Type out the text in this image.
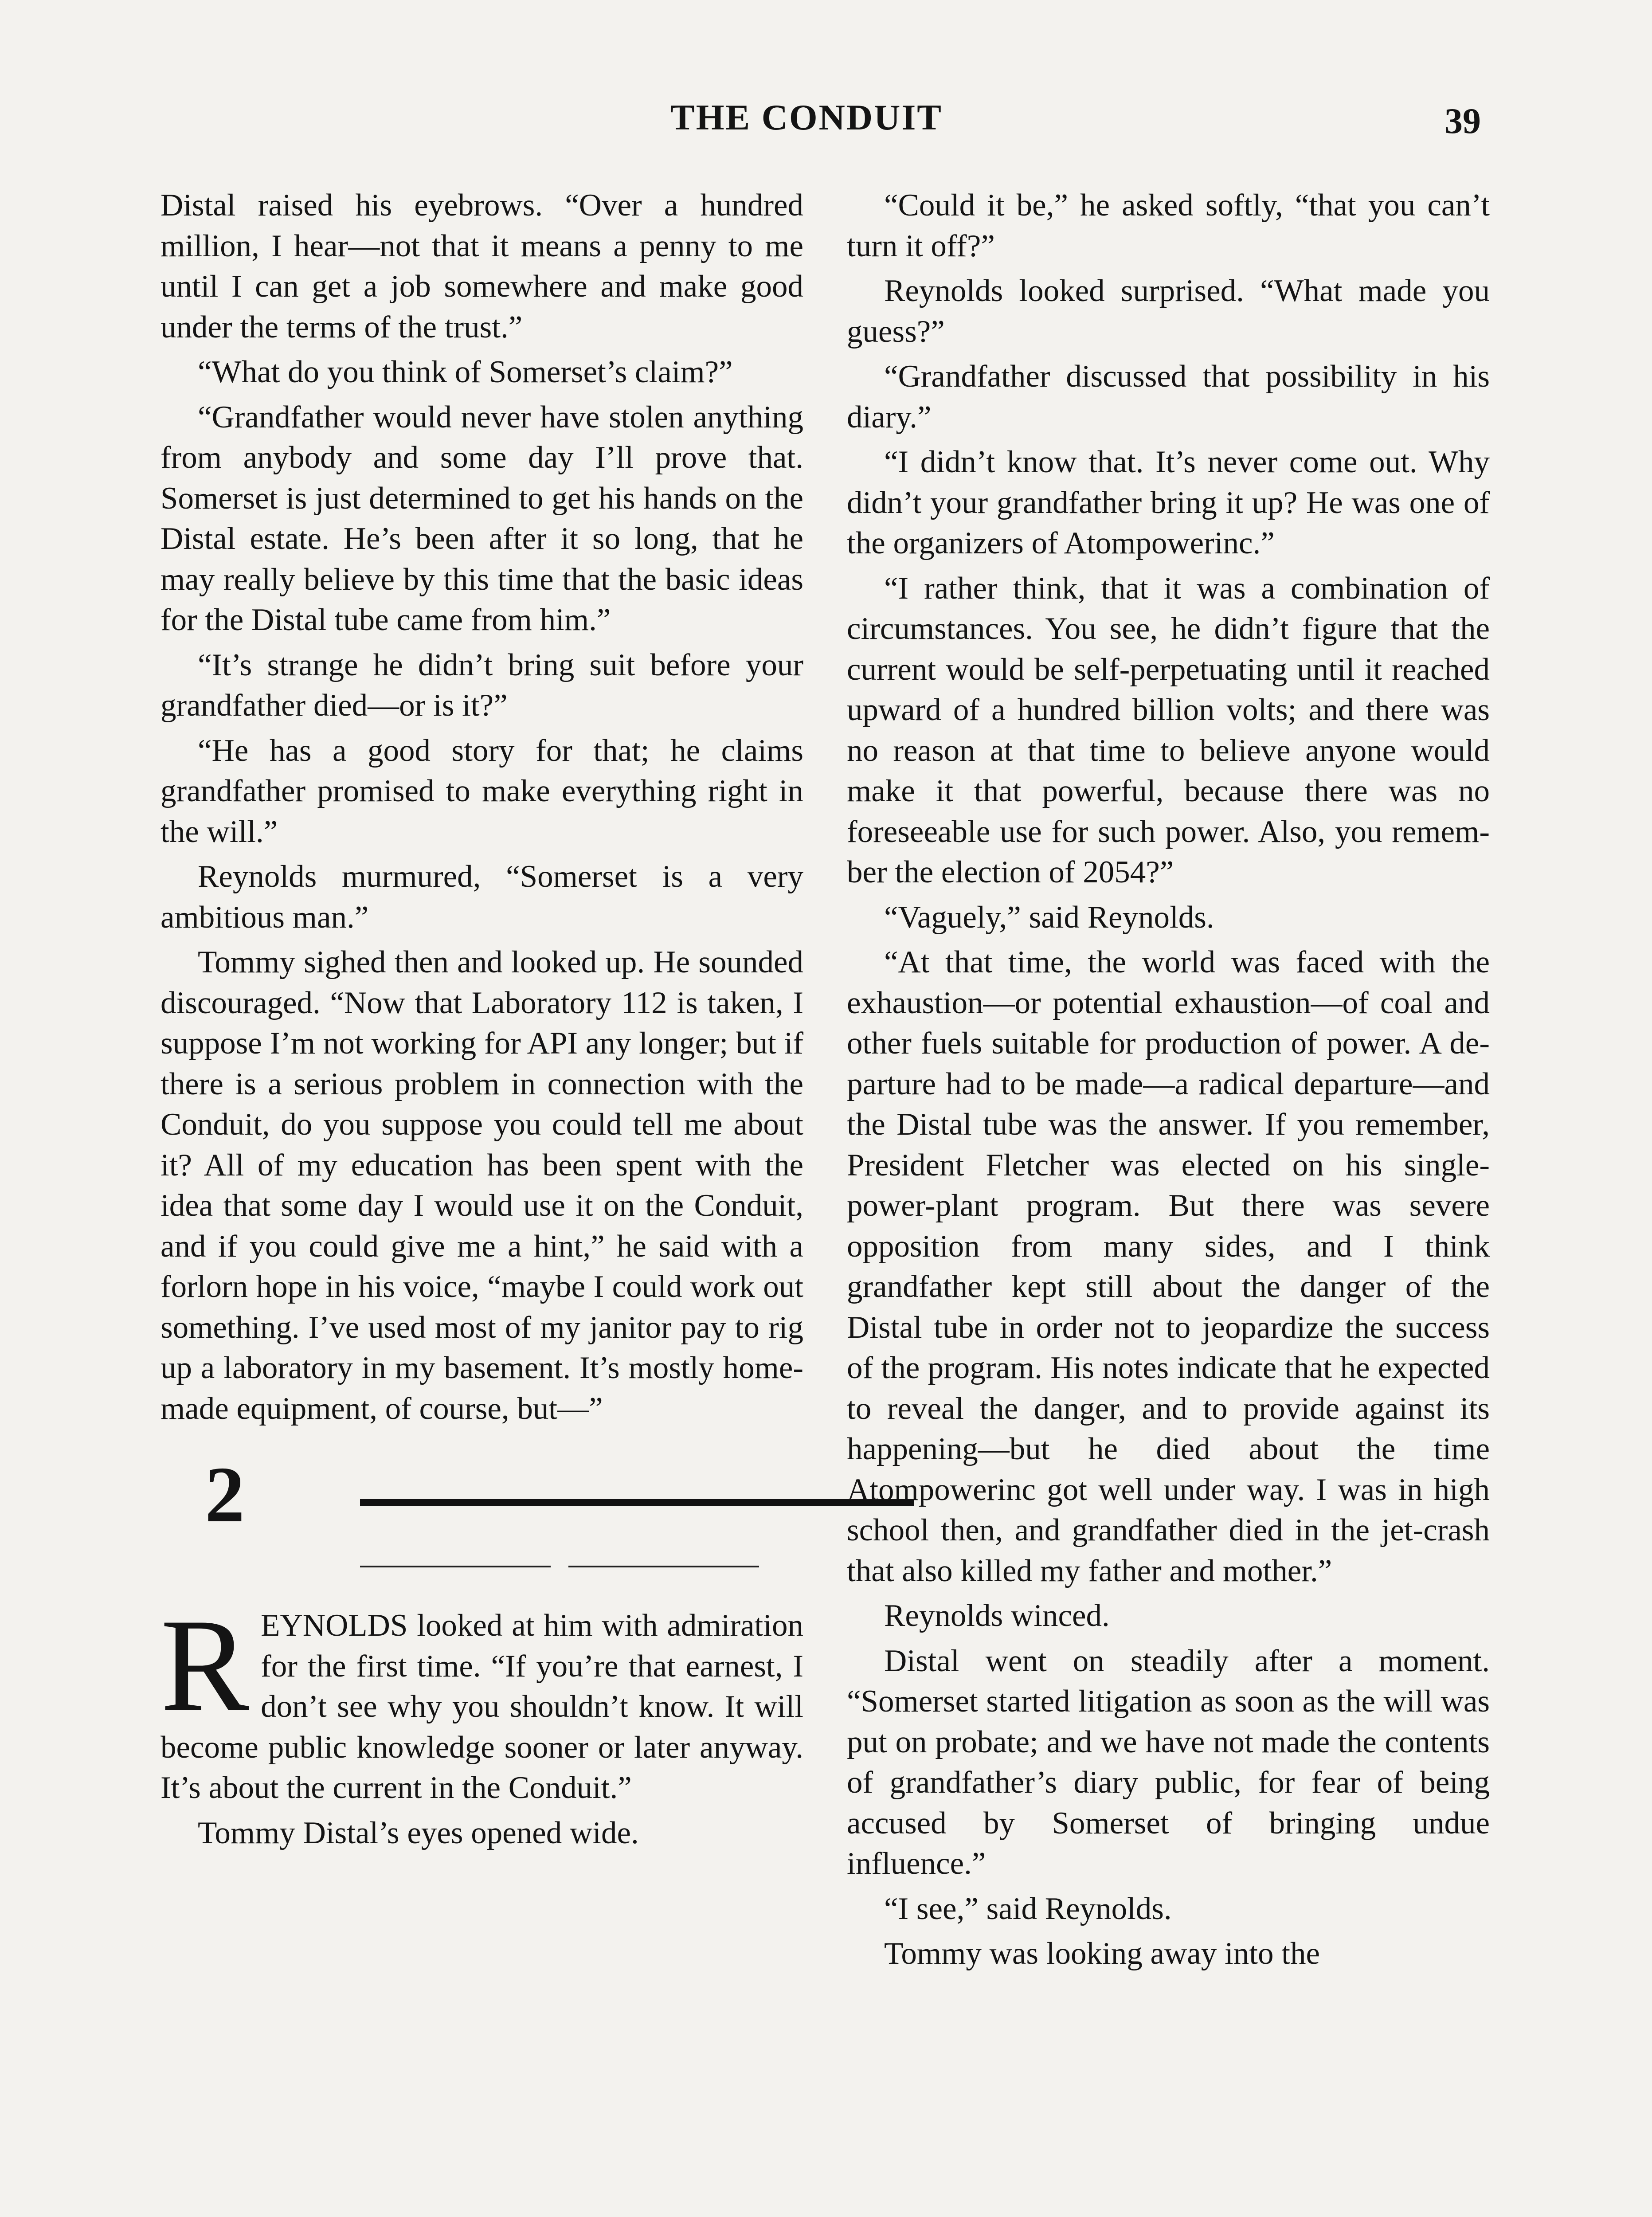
THE CONDUIT	39

Distal raised his eyebrows. “Over a hundred million, I hear—not that it means a penny to me until I can get a job somewhere and make good under the terms of the trust.”

“What do you think of Somerset’s claim?”

“Grandfather would never have stolen anything from anybody and some day I’ll prove that. Somerset is just determined to get his hands on the Distal estate. He’s been after it so long, that he may really believe by this time that the basic ideas for the Distal tube came from him.”

“It’s strange he didn’t bring suit before your grandfather died—or is it?”

“He has a good story for that; he claims grandfather promised to make everything right in the will.”

Reynolds murmured, “Somerset is a very ambitious man.”

Tommy sighed then and looked up. He sounded discouraged. “Now that Laboratory 112 is taken, I suppose I’m not working for API any longer; but if there is a serious problem in connection with the Conduit, do you suppose you could tell me about it? All of my education has been spent with the idea that some day I would use it on the Conduit, and if you could give me a hint,” he said with a forlorn hope in his voice, “maybe I could work out something. I’ve used most of my janitor pay to rig up a laboratory in my basement. It’s mostly home-made equipment, of course, but—”

2

REYNOLDS looked at him with admiration for the first time. “If you’re that earnest, I don’t see why you shouldn’t know. It will become public knowledge sooner or later anyway. It’s about the current in the Conduit.”

Tommy Distal’s eyes opened wide.

“Could it be,” he asked softly, “that you can’t turn it off?”

Reynolds looked surprised. “What made you guess?”

“Grandfather discussed that possibility in his diary.”

“I didn’t know that. It’s never come out. Why didn’t your grandfather bring it up? He was one of the organizers of Atompowerinc.”

“I rather think, that it was a combination of circumstances. You see, he didn’t figure that the current would be self-perpetuating until it reached upward of a hundred billion volts; and there was no reason at that time to believe anyone would make it that powerful, because there was no foreseeable use for such power. Also, you remember the election of 2054?”

“Vaguely,” said Reynolds.

“At that time, the world was faced with the exhaustion—or potential exhaustion—of coal and other fuels suitable for production of power. A departure had to be made—a radical departure—and the Distal tube was the answer. If you remember, President Fletcher was elected on his single-power-plant program. But there was severe opposition from many sides, and I think grandfather kept still about the danger of the Distal tube in order not to jeopardize the success of the program. His notes indicate that he expected to reveal the danger, and to provide against its happening—but he died about the time Atompowerinc got well under way. I was in high school then, and grandfather died in the jet-crash that also killed my father and mother.”

Reynolds winced.

Distal went on steadily after a moment. “Somerset started litigation as soon as the will was put on probate; and we have not made the contents of grandfather’s diary public, for fear of being accused by Somerset of bringing undue influence.”

“I see,” said Reynolds.

Tommy was looking away into the
